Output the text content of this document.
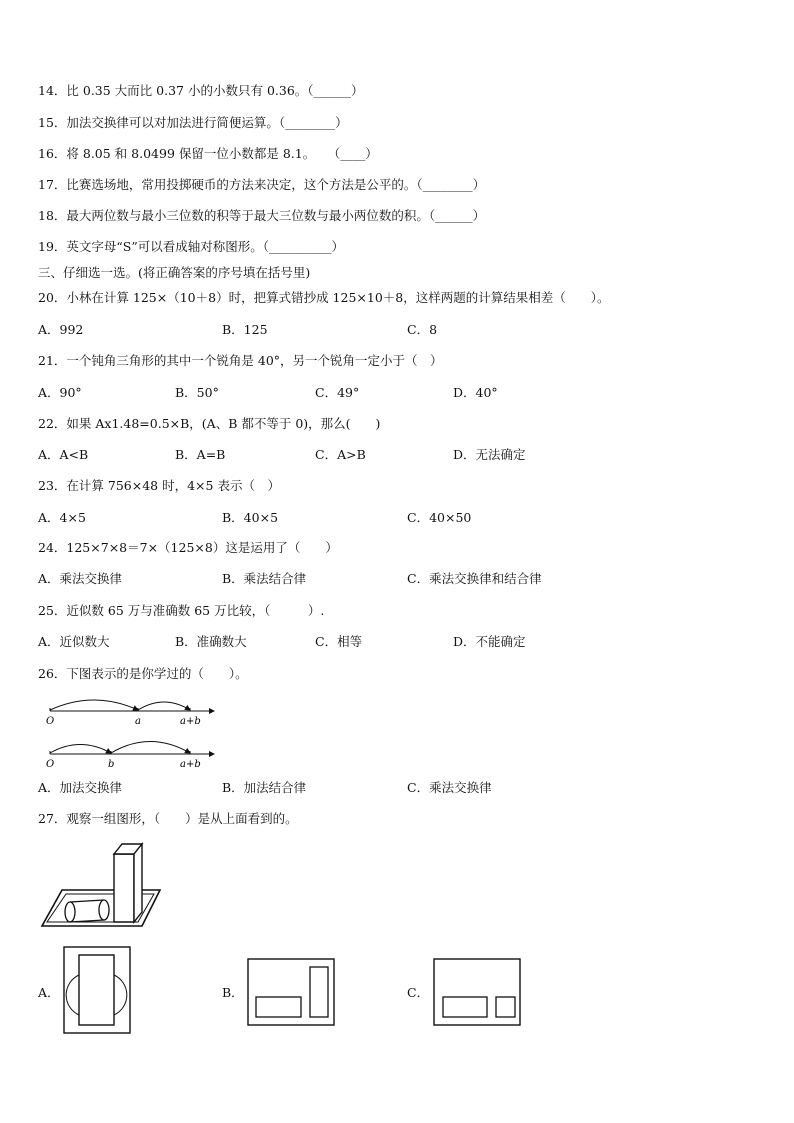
14．比 0.35 大而比 0.37 小的小数只有 0.36。（______）
15．加法交换律可以对加法进行简便运算。（________）
16．将 8.05 和 8.0499 保留一位小数都是 8.1。　　（____）
17．比赛选场地，常用投掷硬币的方法来决定，这个方法是公平的。（________）
18．最大两位数与最小三位数的积等于最大三位数与最小两位数的积。（______）
19．英文字母“S”可以看成轴对称图形。（__________）
三、仔细选一选。(将正确答案的序号填在括号里)
20．小林在计算 125×（10＋8）时，把算式错抄成 125×10＋8，这样两题的计算结果相差（　　）。
A．992	B．125	C．8
21．一个钝角三角形的其中一个锐角是 40°，另一个锐角一定小于（　）
A．90°	B．50°	C．49°	D．40°
22．如果 Ax1.48=0.5×B，(A、B 都不等于 0)，那么(　　)
A．A<B	B．A=B	C．A>B	D．无法确定
23．在计算 756×48 时，4×5 表示（　）
A．4×5	B．40×5	C．40×50
24．125×7×8＝7×（125×8）这是运用了（　　）
A．乘法交换律	B．乘法结合律	C．乘法交换律和结合律
25．近似数 65 万与准确数 65 万比较，（　　　）.
A．近似数大	B．准确数大	C．相等	D．不能确定
26．下图表示的是你学过的（　　）。
O	a	a+b
O	b	a+b
A．加法交换律	B．加法结合律	C．乘法交换律
27．观察一组图形，（　　）是从上面看到的。
A．	B．	C．
